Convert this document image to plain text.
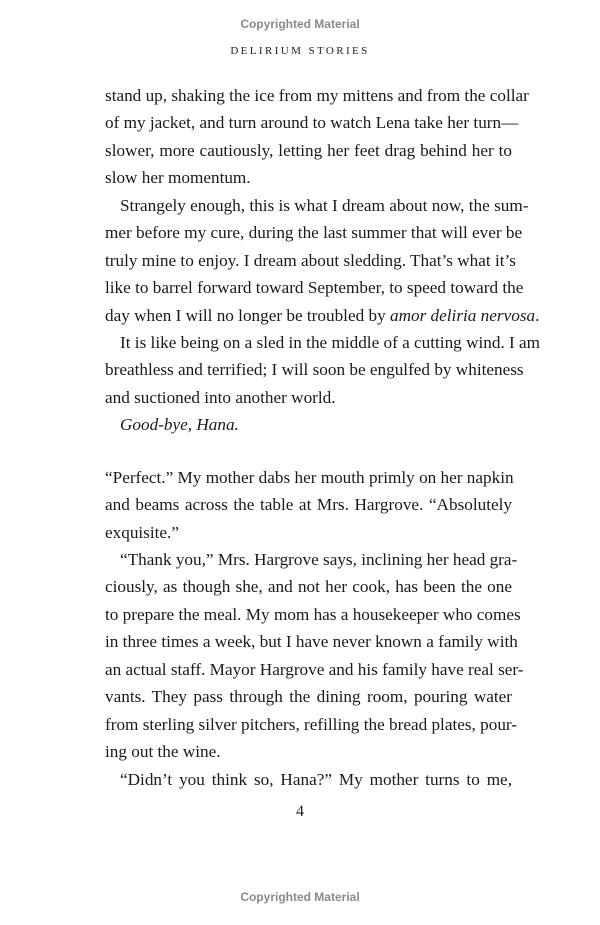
Copyrighted Material
DELIRIUM STORIES
stand up, shaking the ice from my mittens and from the collar
of my jacket, and turn around to watch Lena take her turn—
slower, more cautiously, letting her feet drag behind her to
slow her momentum.
Strangely enough, this is what I dream about now, the sum-
mer before my cure, during the last summer that will ever be
truly mine to enjoy. I dream about sledding. That’s what it’s
like to barrel forward toward September, to speed toward the
day when I will no longer be troubled by amor deliria nervosa.
It is like being on a sled in the middle of a cutting wind. I am
breathless and terrified; I will soon be engulfed by whiteness
and suctioned into another world.
Good-bye, Hana.
“Perfect.” My mother dabs her mouth primly on her napkin
and beams across the table at Mrs. Hargrove. “Absolutely
exquisite.”
“Thank you,” Mrs. Hargrove says, inclining her head gra-
ciously, as though she, and not her cook, has been the one
to prepare the meal. My mom has a housekeeper who comes
in three times a week, but I have never known a family with
an actual staff. Mayor Hargrove and his family have real ser-
vants. They pass through the dining room, pouring water
from sterling silver pitchers, refilling the bread plates, pour-
ing out the wine.
“Didn’t you think so, Hana?” My mother turns to me,
4
Copyrighted Material
